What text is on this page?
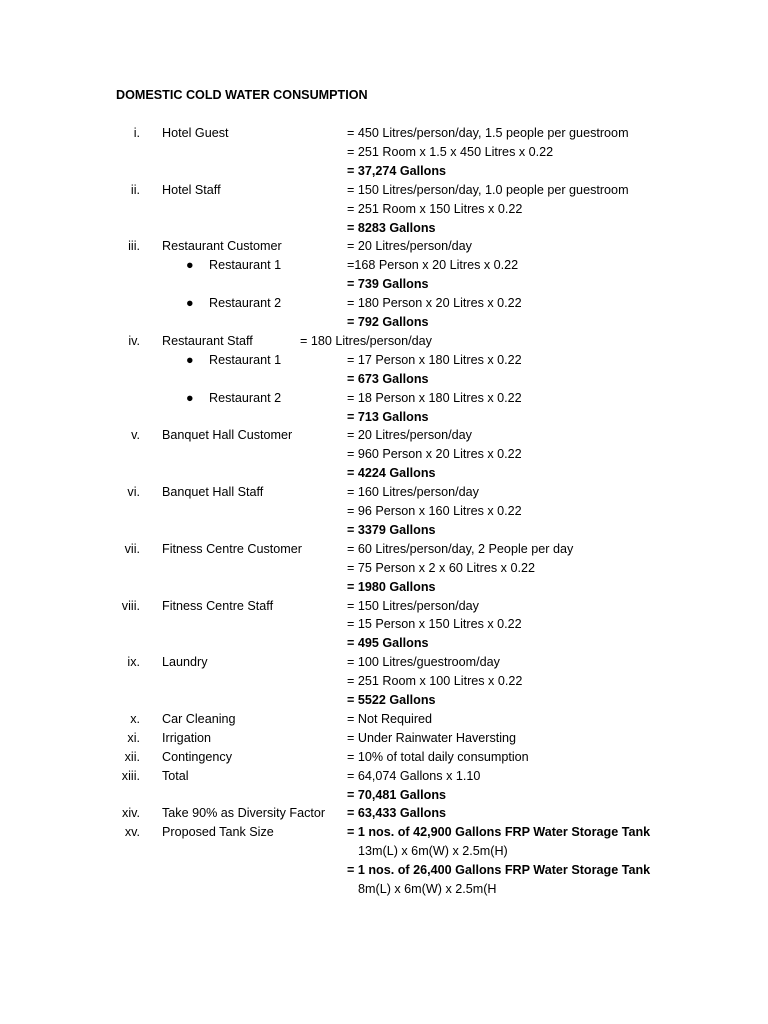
DOMESTIC COLD WATER CONSUMPTION
i. Hotel Guest	= 450 Litres/person/day, 1.5 people per guestroom
= 251 Room x 1.5 x 450 Litres x 0.22
= 37,274 Gallons
ii. Hotel Staff	= 150 Litres/person/day, 1.0 people per guestroom
= 251 Room x 150 Litres x 0.22
= 8283 Gallons
iii. Restaurant Customer	= 20 Litres/person/day
● Restaurant 1	=168 Person x 20 Litres x 0.22
= 739 Gallons
● Restaurant 2	= 180 Person x 20 Litres x 0.22
= 792 Gallons
iv. Restaurant Staff	= 180 Litres/person/day
● Restaurant 1	= 17 Person x 180 Litres x 0.22
= 673 Gallons
● Restaurant 2	= 18 Person x 180 Litres x 0.22
= 713 Gallons
v. Banquet Hall Customer	= 20 Litres/person/day
= 960 Person x 20 Litres x 0.22
= 4224 Gallons
vi. Banquet Hall Staff	= 160 Litres/person/day
= 96 Person x 160 Litres x 0.22
= 3379 Gallons
vii. Fitness Centre Customer	= 60 Litres/person/day, 2 People per day
= 75 Person x 2 x 60 Litres x 0.22
= 1980 Gallons
viii. Fitness Centre Staff	= 150 Litres/person/day
= 15 Person x 150 Litres x 0.22
= 495 Gallons
ix. Laundry	= 100 Litres/guestroom/day
= 251 Room x 100 Litres x 0.22
= 5522 Gallons
x. Car Cleaning	= Not Required
xi. Irrigation	= Under Rainwater Haversting
xii. Contingency	= 10% of total daily consumption
xiii. Total	= 64,074 Gallons x 1.10
= 70,481 Gallons
xiv. Take 90% as Diversity Factor = 63,433 Gallons
xv. Proposed Tank Size	= 1 nos. of 42,900 Gallons FRP Water Storage Tank
13m(L) x 6m(W) x 2.5m(H)
= 1 nos. of 26,400 Gallons FRP Water Storage Tank
8m(L) x 6m(W) x 2.5m(H
